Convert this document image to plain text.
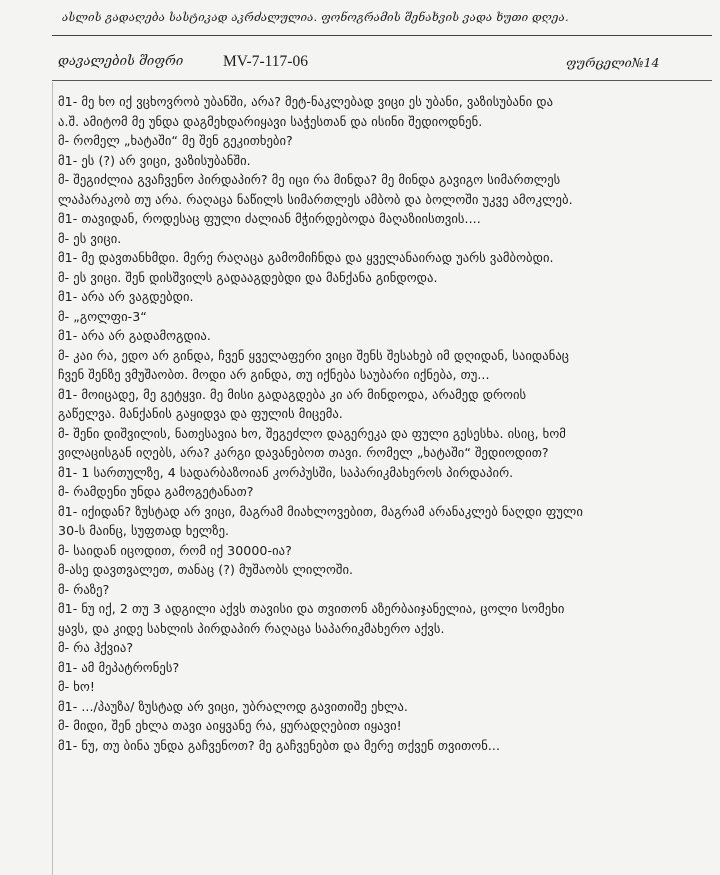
ასლის გადაღება სასტიკად აკრძალულია. ფონოგრამის შენახვის ვადა ხუთი დღეა.
დავალების შიფრი	MV-7-117-06	ფურცელი№14
მ1- მე ხო იქ ვცხოვრობ უბანში, არა? მეტ-ნაკლებად ვიცი ეს უბანი, ვაზისუბანი და
ა.შ. ამიტომ მე უნდა დაგმეხდარიყავი საჭესთან და ისინი შედიოდნენ.
მ- რომელ „ხატაში“ მე შენ გეკითხები?
მ1- ეს (?) არ ვიცი, ვაზისუბანში.
მ- შეგიძლია გვაჩვენო პირდაპირ? მე იცი რა მინდა? მე მინდა გავიგო სიმართლეს
ლაპარაკობ თუ არა. რაღაცა ნაწილს სიმართლეს ამბობ და ბოლოში უკვე ამოკლებ.
მ1- თავიდან, როდესაც ფული ძალიან მჭირდებოდა მაღაზიისთვის....
მ- ეს ვიცი.
მ1- მე დავთანხმდი. მერე რაღაცა გამომიჩნდა და ყველანაირად უარს ვამბობდი.
მ- ეს ვიცი. შენ დისშვილს გადააგდებდი და მანქანა გინდოდა.
მ1- არა არ ვაგდებდი.
მ- „გოლფი-3“
მ1- არა არ გადამოგდია.
მ- კაი რა, ედო არ გინდა, ჩვენ ყველაფერი ვიცი შენს შესახებ იმ დღიდან, საიდანაც
ჩვენ შენზე ვმუშაობთ. მოდი არ გინდა, თუ იქნება საუბარი იქნება, თუ...
მ1- მოიცადე, მე გეტყვი. მე მისი გადაგდება კი არ მინდოდა, არამედ დროის
გაწელვა. მანქანის გაყიდვა და ფულის მიცემა.
მ- შენი დიშვილის, ნათესავია ხო, შეგეძლო დაგერეკა და ფული გესესხა. ისიც, ხომ
ვილაცისგან იღებს, არა? კარგი დავანებოთ თავი. რომელ „ხატაში“ შედიოდით?
მ1- 1 სართულზე, 4 სადარბაზოიან კორპუსში, საპარიკმახეროს პირდაპირ.
მ- რამდენი უნდა გამოგეტანათ?
მ1- იქიდან? ზუსტად არ ვიცი, მაგრამ მიახლოვებით, მაგრამ არანაკლებ ნაღდი ფული
30-ს მაინც, სუფთად ხელზე.
მ- საიდან იცოდით, რომ იქ 30000-ია?
მ-ასე დავთვალეთ, თანაც (?) მუშაობს ლილოში.
მ- რაზე?
მ1- ნუ იქ, 2 თუ 3 ადგილი აქვს თავისი და თვითონ აზერბაიჯანელია, ცოლი სომეხი
ყავს, და კიდე სახლის პირდაპირ რაღაცა საპარიკმახერო აქვს.
მ- რა ჰქვია?
მ1- ამ მეპატრონეს?
მ- ხო!
მ1- .../პაუზა/ ზუსტად არ ვიცი, უბრალოდ გავითიშე ეხლა.
მ- მიდი, შენ ეხლა თავი აიყვანე რა, ყურადღებით იყავი!
მ1- ნუ, თუ ბინა უნდა გაჩვენოთ? მე გაჩვენებთ და მერე თქვენ თვითონ...
